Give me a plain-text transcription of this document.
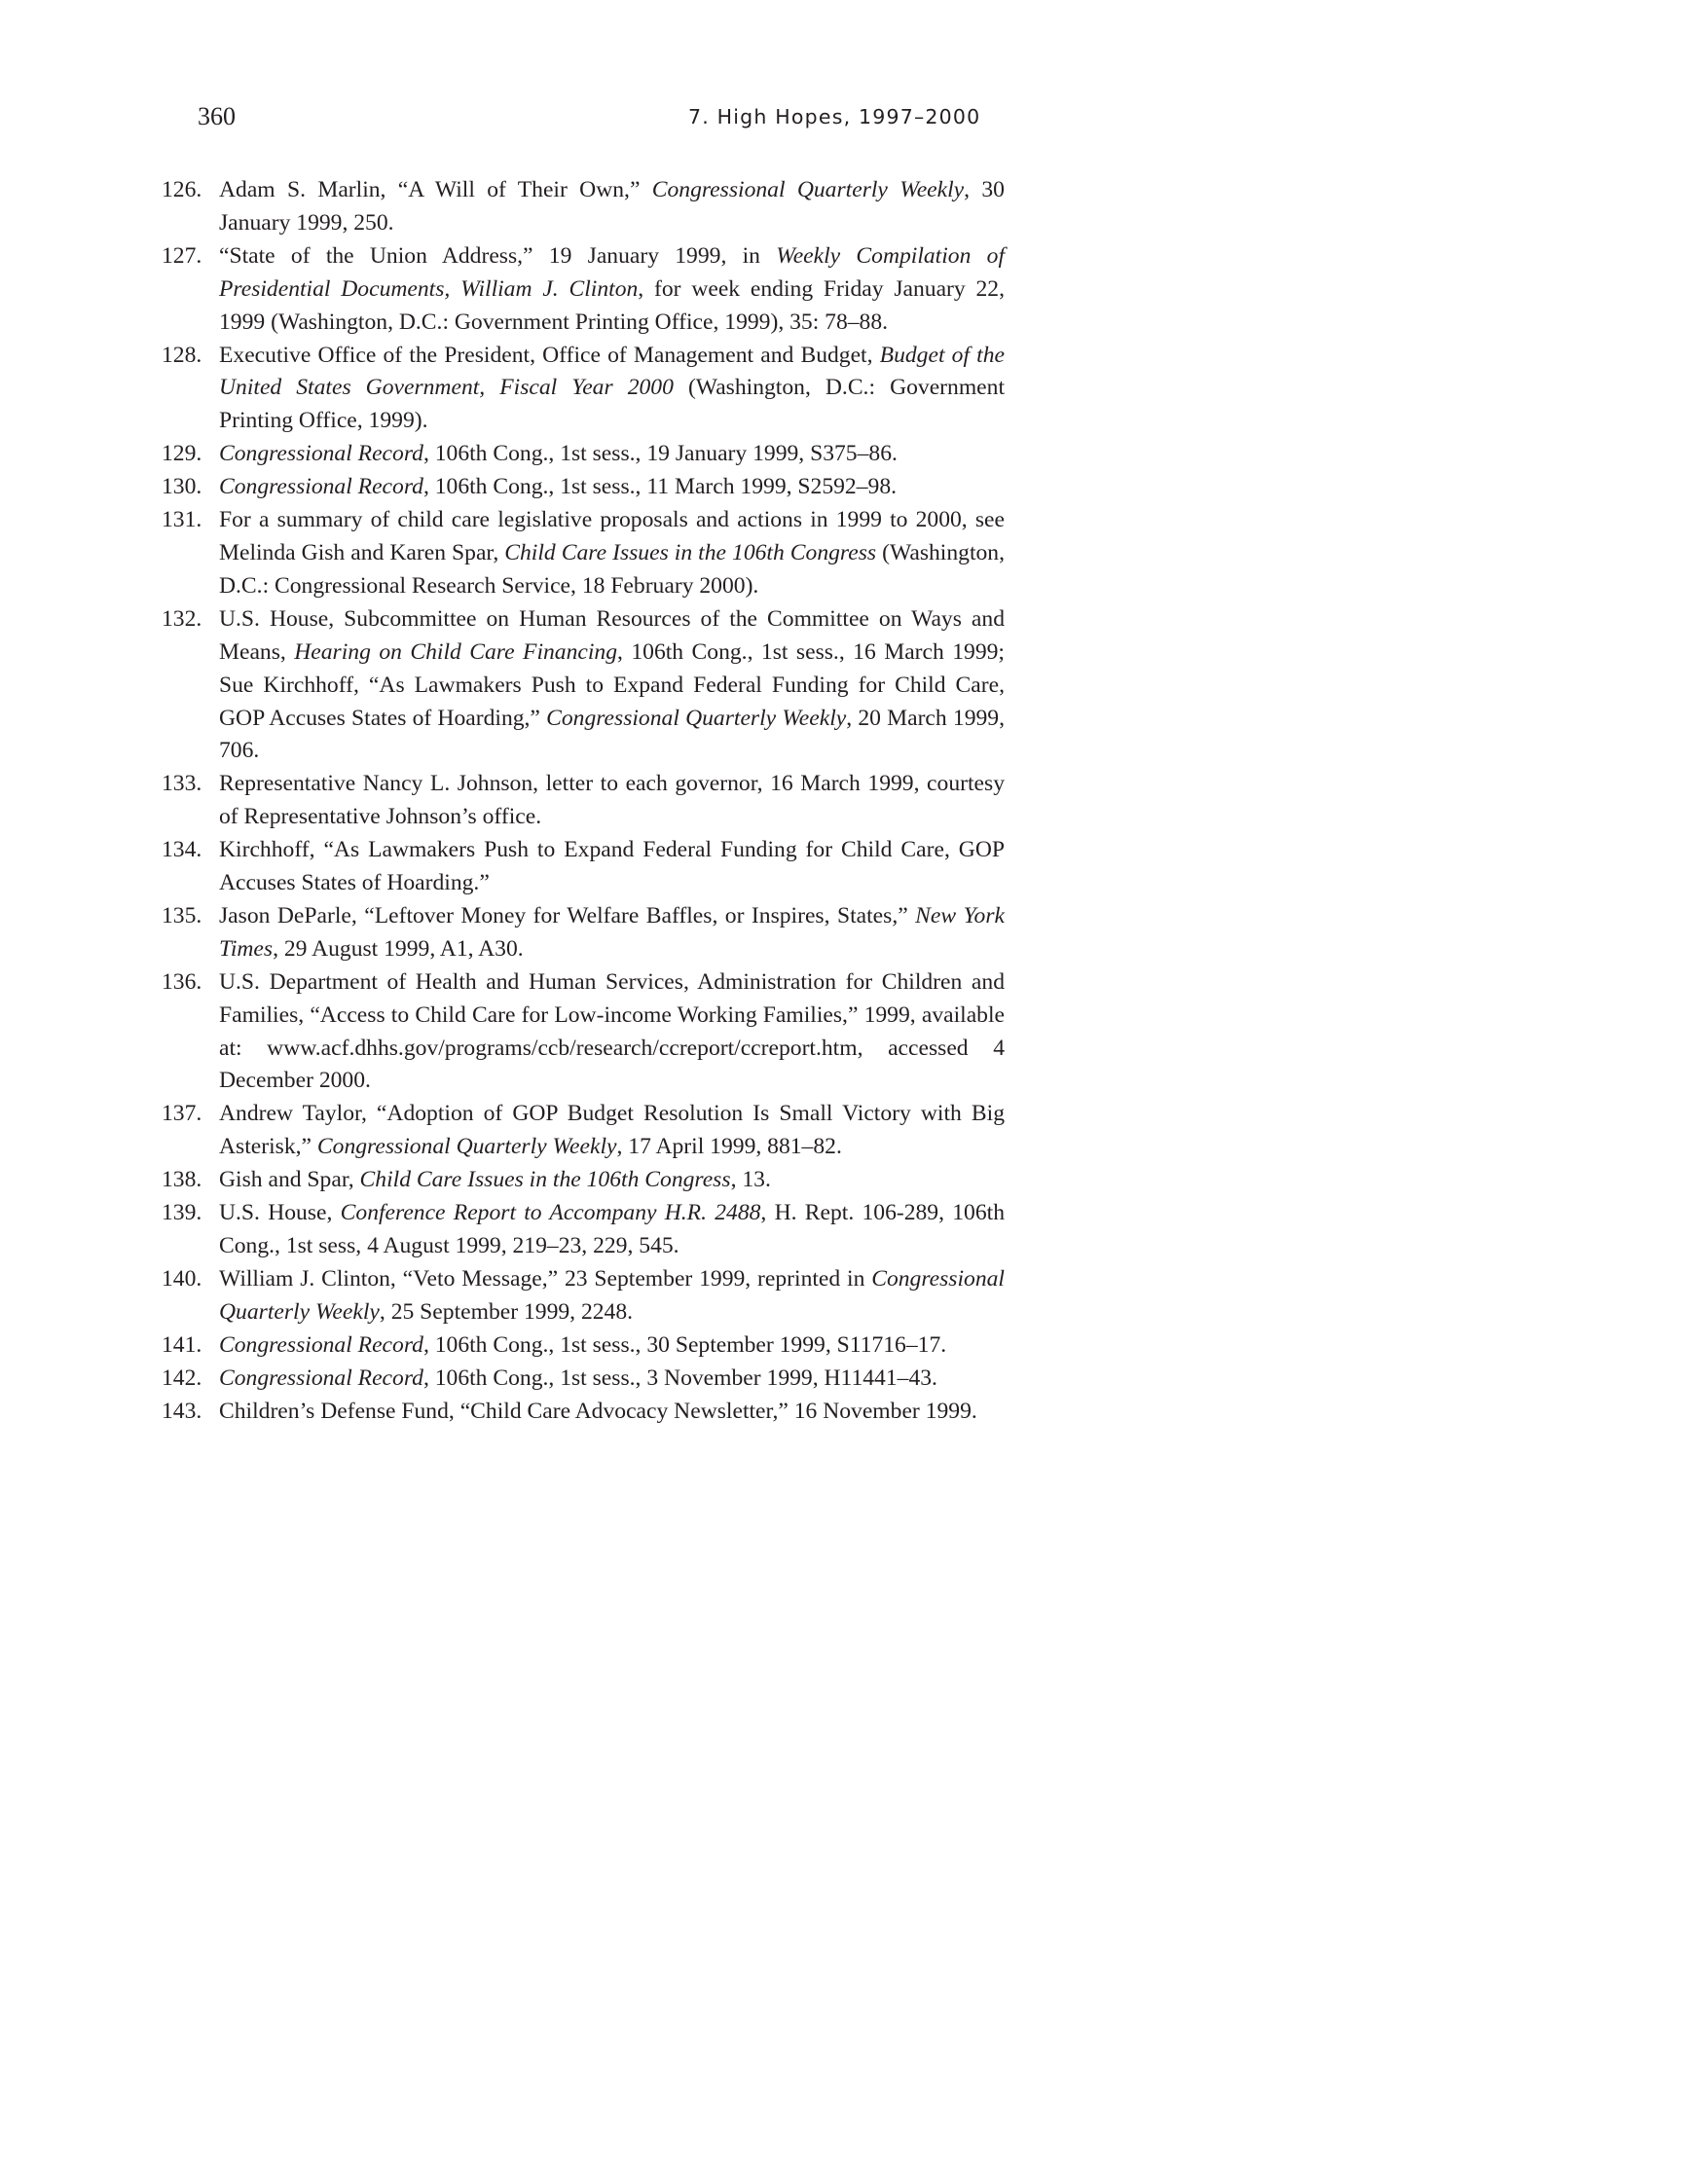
360	7. High Hopes, 1997–2000
126. Adam S. Marlin, “A Will of Their Own,” Congressional Quarterly Weekly, 30 January 1999, 250.
127. “State of the Union Address,” 19 January 1999, in Weekly Compilation of Presidential Documents, William J. Clinton, for week ending Friday January 22, 1999 (Washington, D.C.: Government Printing Office, 1999), 35: 78–88.
128. Executive Office of the President, Office of Management and Budget, Budget of the United States Government, Fiscal Year 2000 (Washington, D.C.: Government Printing Office, 1999).
129. Congressional Record, 106th Cong., 1st sess., 19 January 1999, S375–86.
130. Congressional Record, 106th Cong., 1st sess., 11 March 1999, S2592–98.
131. For a summary of child care legislative proposals and actions in 1999 to 2000, see Melinda Gish and Karen Spar, Child Care Issues in the 106th Congress (Washington, D.C.: Congressional Research Service, 18 February 2000).
132. U.S. House, Subcommittee on Human Resources of the Committee on Ways and Means, Hearing on Child Care Financing, 106th Cong., 1st sess., 16 March 1999; Sue Kirchhoff, “As Lawmakers Push to Expand Federal Funding for Child Care, GOP Accuses States of Hoarding,” Congressional Quarterly Weekly, 20 March 1999, 706.
133. Representative Nancy L. Johnson, letter to each governor, 16 March 1999, courtesy of Representative Johnson’s office.
134. Kirchhoff, “As Lawmakers Push to Expand Federal Funding for Child Care, GOP Accuses States of Hoarding.”
135. Jason DeParle, “Leftover Money for Welfare Baffles, or Inspires, States,” New York Times, 29 August 1999, A1, A30.
136. U.S. Department of Health and Human Services, Administration for Children and Families, “Access to Child Care for Low-income Working Families,” 1999, available at: www.acf.dhhs.gov/programs/ccb/research/ccreport/ccreport.htm, accessed 4 December 2000.
137. Andrew Taylor, “Adoption of GOP Budget Resolution Is Small Victory with Big Asterisk,” Congressional Quarterly Weekly, 17 April 1999, 881–82.
138. Gish and Spar, Child Care Issues in the 106th Congress, 13.
139. U.S. House, Conference Report to Accompany H.R. 2488, H. Rept. 106-289, 106th Cong., 1st sess, 4 August 1999, 219–23, 229, 545.
140. William J. Clinton, “Veto Message,” 23 September 1999, reprinted in Congressional Quarterly Weekly, 25 September 1999, 2248.
141. Congressional Record, 106th Cong., 1st sess., 30 September 1999, S11716–17.
142. Congressional Record, 106th Cong., 1st sess., 3 November 1999, H11441–43.
143. Children’s Defense Fund, “Child Care Advocacy Newsletter,” 16 November 1999.
